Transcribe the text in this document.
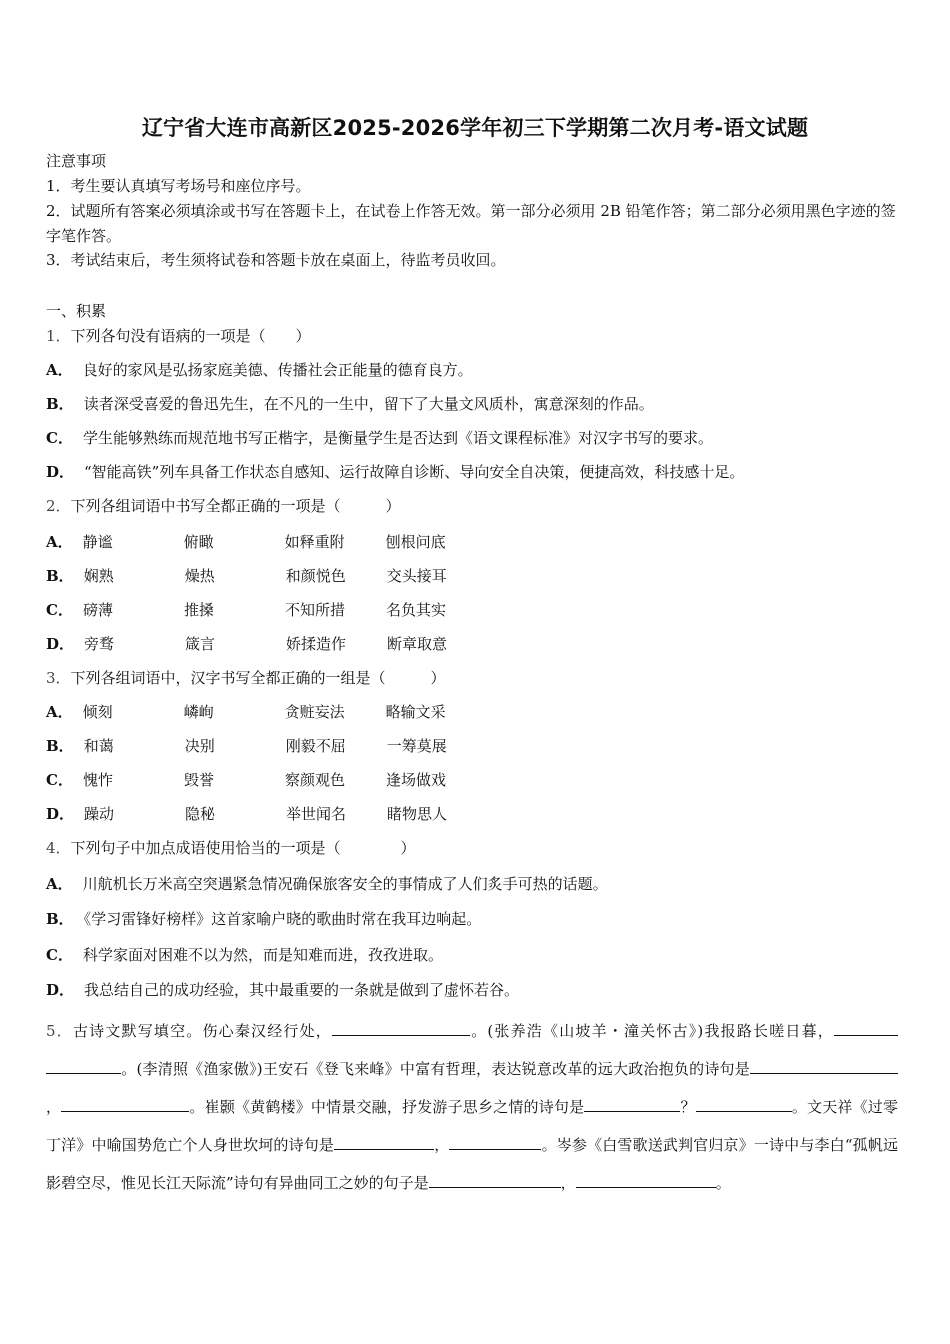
辽宁省大连市高新区2025-2026学年初三下学期第二次月考-语文试题
注意事项
1．考生要认真填写考场号和座位序号。
2．试题所有答案必须填涂或书写在答题卡上，在试卷上作答无效。第一部分必须用 2B 铅笔作答；第二部分必须用黑色字迹的签字笔作答。
3．考试结束后，考生须将试卷和答题卡放在桌面上，待监考员收回。
一、积累
1．下列各句没有语病的一项是（　　）
A． 良好的家风是弘扬家庭美德、传播社会正能量的德育良方。
B． 读者深受喜爱的鲁迅先生，在不凡的一生中，留下了大量文风质朴，寓意深刻的作品。
C． 学生能够熟练而规范地书写正楷字，是衡量学生是否达到《语文课程标准》对汉字书写的要求。
D． “智能高铁”列车具备工作状态自感知、运行故障自诊断、导向安全自决策，便捷高效，科技感十足。
2．下列各组词语中书写全都正确的一项是（　　　）
A． 静谧	俯瞰	如释重附	刨根问底
B． 娴熟	燥热	和颜悦色	交头接耳
C． 磅薄	推搡	不知所措	名负其实
D． 旁骛	箴言	娇揉造作	断章取意
3．下列各组词语中，汉字书写全都正确的一组是（　　　）
A． 倾刻	嶙峋	贪赃妄法	略输文采
B． 和蔼	决别	刚毅不屈	一筹莫展
C． 愧怍	毁誉	察颜观色	逢场做戏
D． 躁动	隐秘	举世闻名	睹物思人
4．下列句子中加点成语使用恰当的一项是（　　　　）
A． 川航机长万米高空突遇紧急情况确保旅客安全的事情成了人们炙手可热的话题。
B． 《学习雷锋好榜样》这首家喻户晓的歌曲时常在我耳边响起。
C． 科学家面对困难不以为然，而是知难而进，孜孜进取。
D． 我总结自己的成功经验，其中最重要的一条就是做到了虚怀若谷。
5．古诗文默写填空。伤心秦汉经行处，	。(张养浩《山坡羊・潼关怀古》)我报路长嗟日暮，。(李清照《渔家傲》)王安石《登飞来峰》中富有哲理，表达锐意改革的远大政治抱负的诗句是，	。崔颢《黄鹤楼》中情景交融，抒发游子思乡之情的诗句是	？	。文天祥《过零丁洋》中喻国势危亡个人身世坎坷的诗句是	，	。岑参《白雪歌送武判官归京》一诗中与李白“孤帆远影碧空尽，惟见长江天际流”诗句有异曲同工之妙的句子是	，	。
